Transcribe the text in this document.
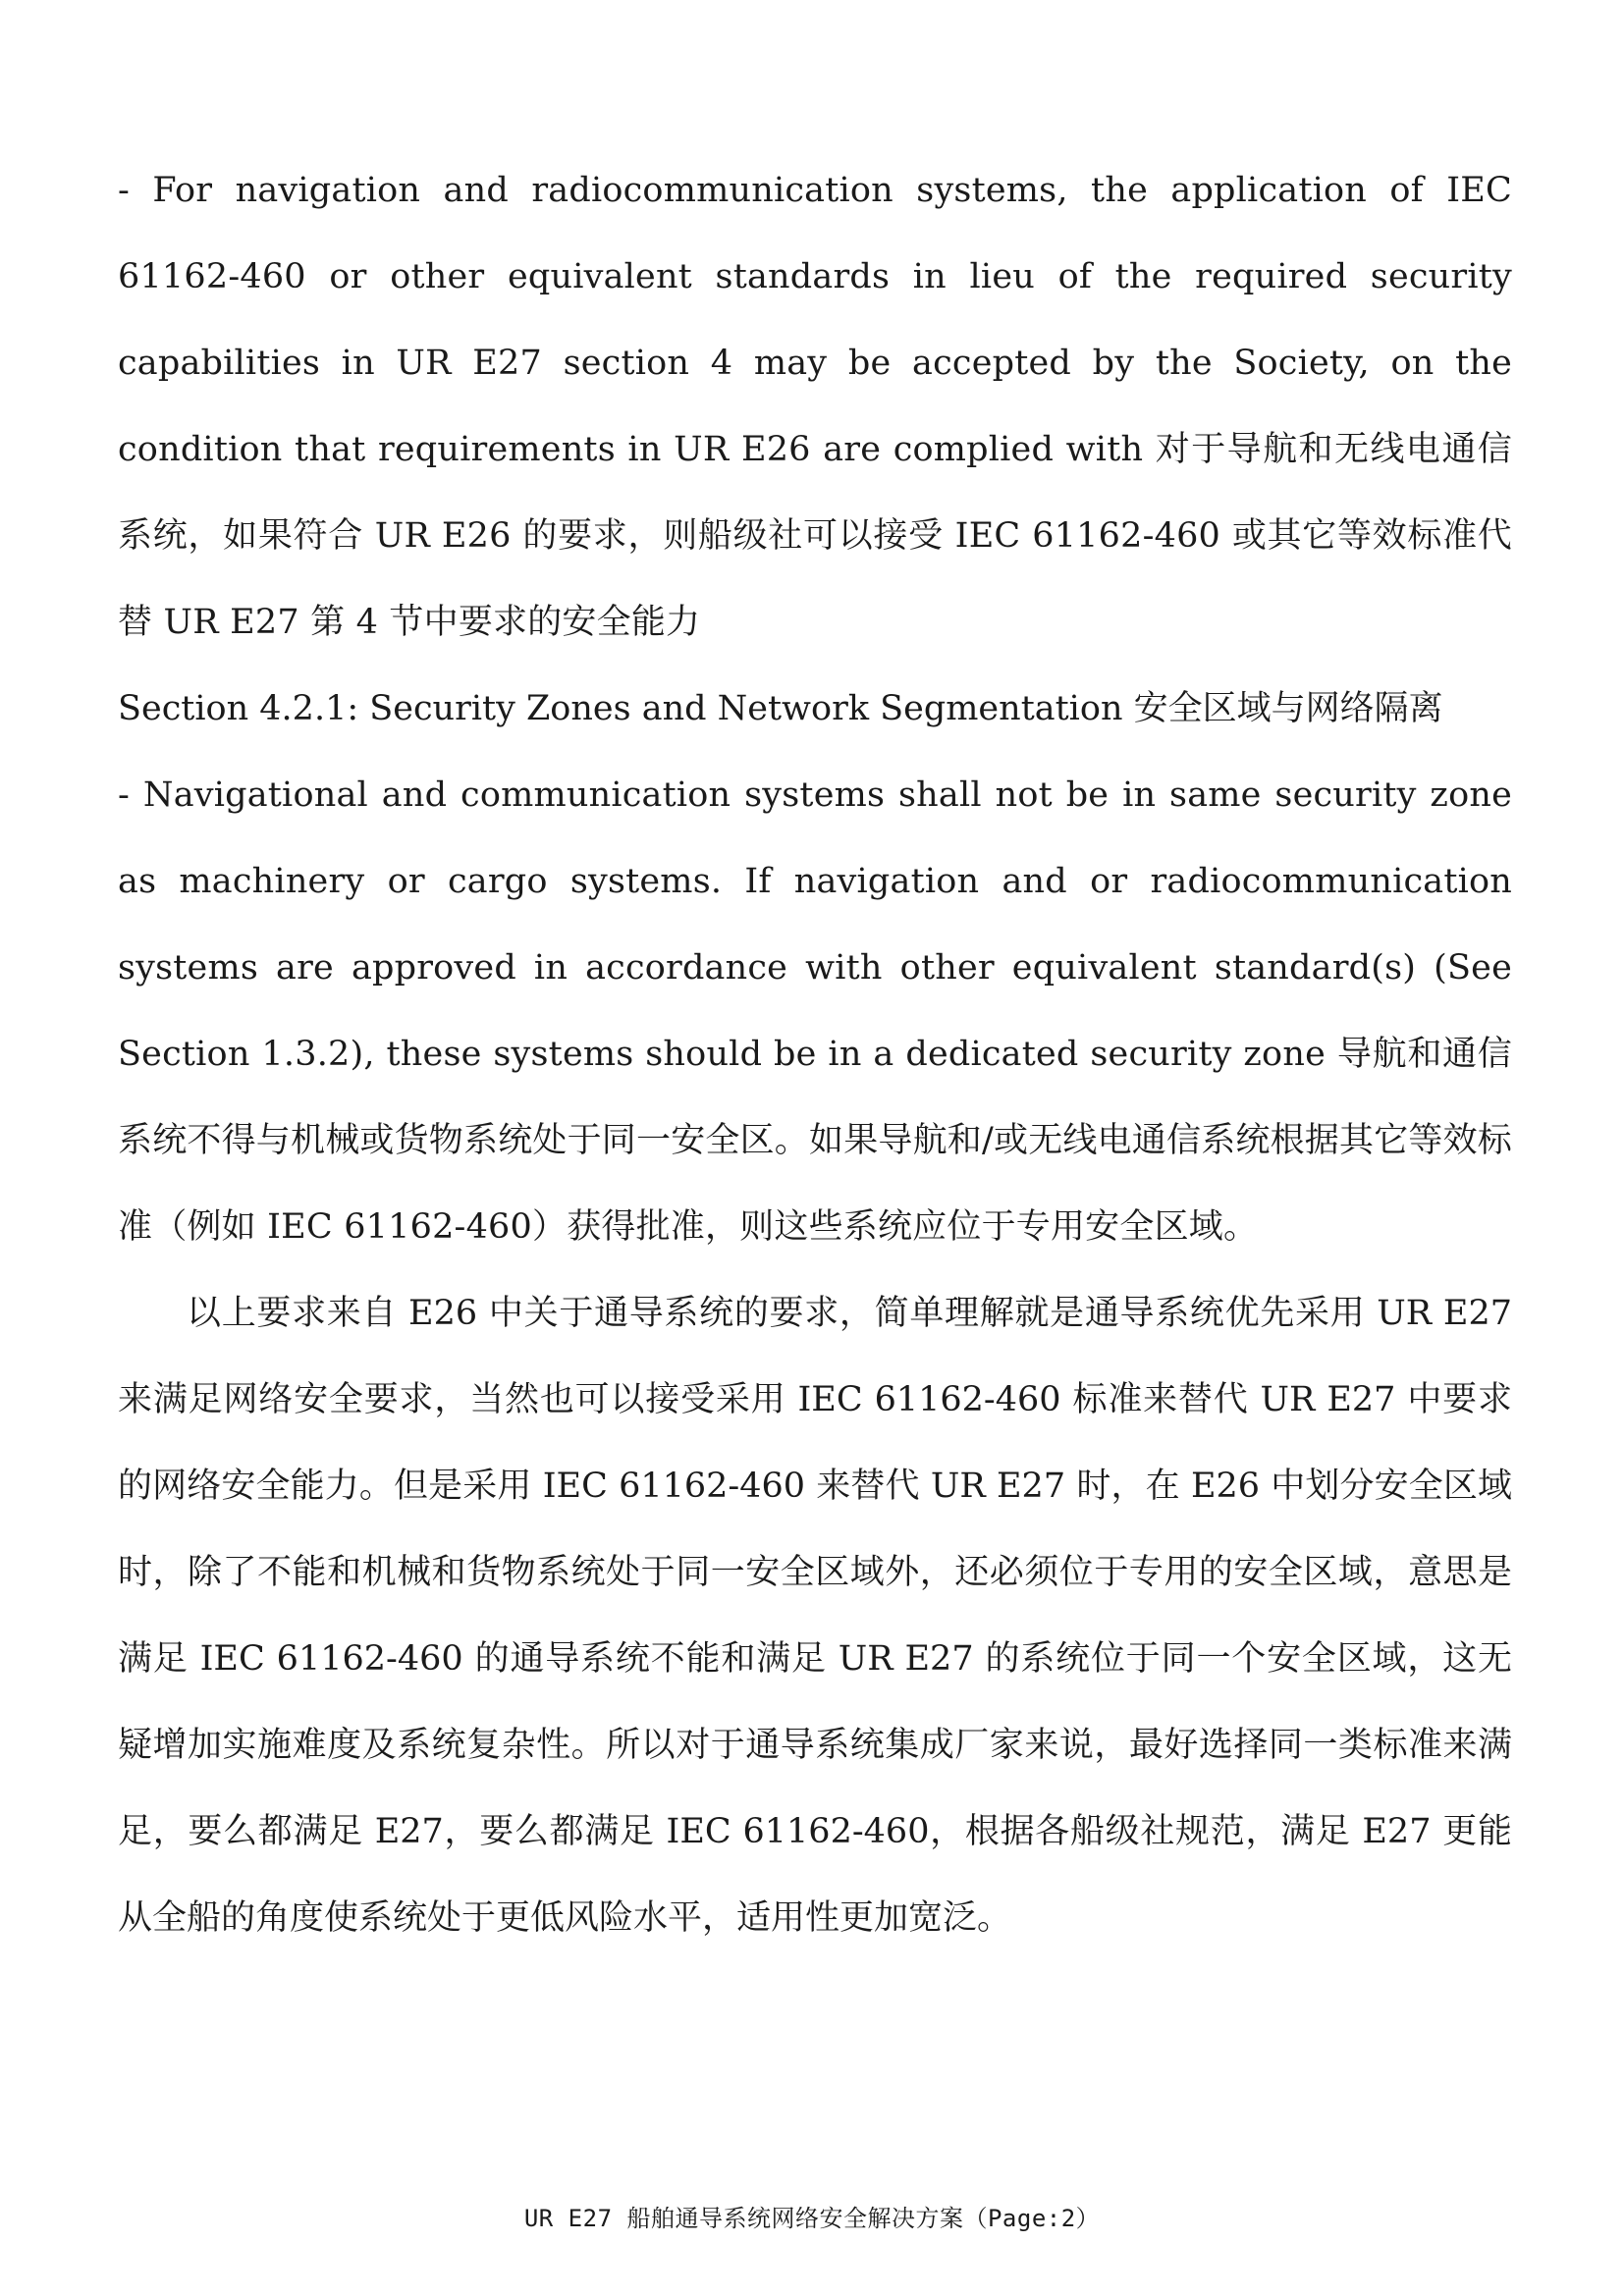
- For navigation and radiocommunication systems, the application of IEC 61162-460 or other equivalent standards in lieu of the required security capabilities in UR E27 section 4 may be accepted by the Society, on the condition that requirements in UR E26 are complied with 对于导航和无线电通信系统，如果符合 UR E26 的要求，则船级社可以接受 IEC 61162-460 或其它等效标准代替 UR E27 第 4 节中要求的安全能力

Section 4.2.1: Security Zones and Network Segmentation 安全区域与网络隔离

- Navigational and communication systems shall not be in same security zone as machinery or cargo systems. If navigation and or radiocommunication systems are approved in accordance with other equivalent standard(s) (See Section 1.3.2), these systems should be in a dedicated security zone 导航和通信系统不得与机械或货物系统处于同一安全区。如果导航和/或无线电通信系统根据其它等效标准（例如 IEC 61162-460）获得批准，则这些系统应位于专用安全区域。

以上要求来自 E26 中关于通导系统的要求，简单理解就是通导系统优先采用 UR E27 来满足网络安全要求，当然也可以接受采用 IEC 61162-460 标准来替代 UR E27 中要求的网络安全能力。但是采用 IEC 61162-460 来替代 UR E27 时，在 E26 中划分安全区域时，除了不能和机械和货物系统处于同一安全区域外，还必须位于专用的安全区域，意思是满足 IEC 61162-460 的通导系统不能和满足 UR E27 的系统位于同一个安全区域，这无疑增加实施难度及系统复杂性。所以对于通导系统集成厂家来说，最好选择同一类标准来满足，要么都满足 E27，要么都满足 IEC 61162-460，根据各船级社规范，满足 E27 更能从全船的角度使系统处于更低风险水平，适用性更加宽泛。

UR E27 船舶通导系统网络安全解决方案（Page:2）
